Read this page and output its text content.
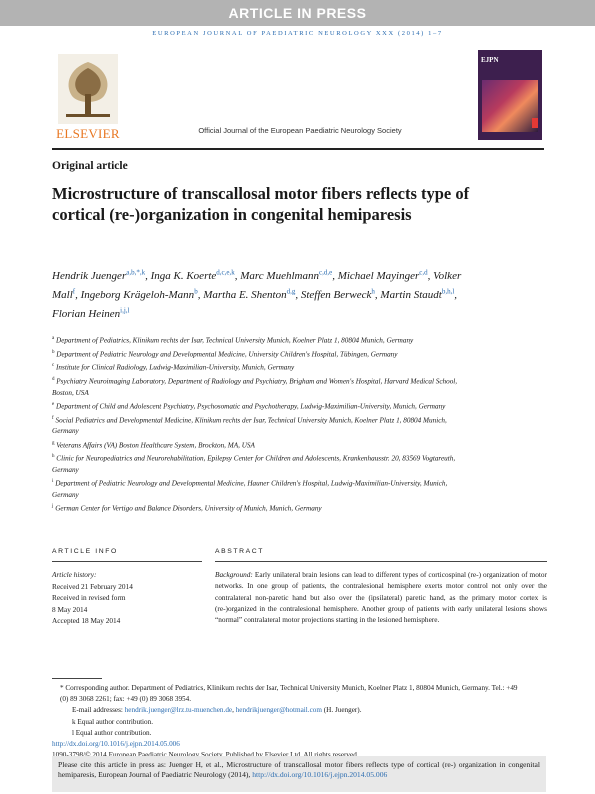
ARTICLE IN PRESS
EUROPEAN JOURNAL OF PAEDIATRIC NEUROLOGY XXX (2014) 1–7
ELSEVIER	Official Journal of the European Paediatric Neurology Society
EJPN
Original article
Microstructure of transcallosal motor fibers reflects type of cortical (re-)organization in congenital hemiparesis
Hendrik Juenger$^{a,b,*,k}$, Inga K. Koerte$^{d,c,e,k}$, Marc Muehlmann$^{c,d,e}$, Michael Mayinger$^{c,d}$, Volker Mall$^f$, Ingeborg Krägeloh-Mann$^b$, Martha E. Shenton$^{d,g}$, Steffen Berweck$^h$, Martin Staudt$^{b,h,l}$, Florian Heinen$^{i,j,l}$
$^a$ Department of Pediatrics, Klinikum rechts der Isar, Technical University Munich, Koelner Platz 1, 80804 Munich, Germany
$^b$ Department of Pediatric Neurology and Developmental Medicine, University Children's Hospital, Tübingen, Germany
$^c$ Institute for Clinical Radiology, Ludwig-Maximilian-University, Munich, Germany
$^d$ Psychiatry Neuroimaging Laboratory, Department of Radiology and Psychiatry, Brigham and Women's Hospital, Harvard Medical School, Boston, USA
$^e$ Department of Child and Adolescent Psychiatry, Psychosomatic and Psychotherapy, Ludwig-Maximilian-University, Munich, Germany
$^f$ Social Pediatrics and Developmental Medicine, Klinikum rechts der Isar, Technical University Munich, Koelner Platz 1, 80804 Munich, Germany
$^g$ Veterans Affairs (VA) Boston Healthcare System, Brockton, MA, USA
$^h$ Clinic for Neuropediatrics and Neurorehabilitation, Epilepsy Center for Children and Adolescents, Krankenhausstr. 20, 83569 Vogtareuth, Germany
$^i$ Department of Pediatric Neurology and Developmental Medicine, Hauner Children's Hospital, Ludwig-Maximilian-University, Munich, Germany
$^j$ German Center for Vertigo and Balance Disorders, University of Munich, Munich, Germany
ARTICLE INFO	ABSTRACT
Article history:
Received 21 February 2014
Received in revised form
8 May 2014
Accepted 18 May 2014
Background: Early unilateral brain lesions can lead to different types of corticospinal (re-) organization of motor networks. In one group of patients, the contralesional hemisphere exerts motor control not only over the contralateral non-paretic hand but also over the (ipsilateral) paretic hand, as the primary motor cortex is (re-)organized in the contralesional hemisphere. Another group of patients with early unilateral lesions shows “normal” contralateral motor projections starting in the lesioned hemisphere.
* Corresponding author. Department of Pediatrics, Klinikum rechts der Isar, Technical University Munich, Koelner Platz 1, 80804 Munich, Germany. Tel.: +49 (0) 89 3068 2261; fax: +49 (0) 89 3068 3954.
E-mail addresses: hendrik.juenger@lrz.tu-muenchen.de, hendrikjuenger@hotmail.com (H. Juenger).
k Equal author contribution.
l Equal author contribution.
http://dx.doi.org/10.1016/j.ejpn.2014.05.006
Please cite this article in press as: Juenger H, et al., Microstructure of transcallosal motor fibers reflects type of cortical (re-) organization in congenital hemiparesis, European Journal of Paediatric Neurology (2014), http://dx.doi.org/10.1016/j.ejpn.2014.05.006
